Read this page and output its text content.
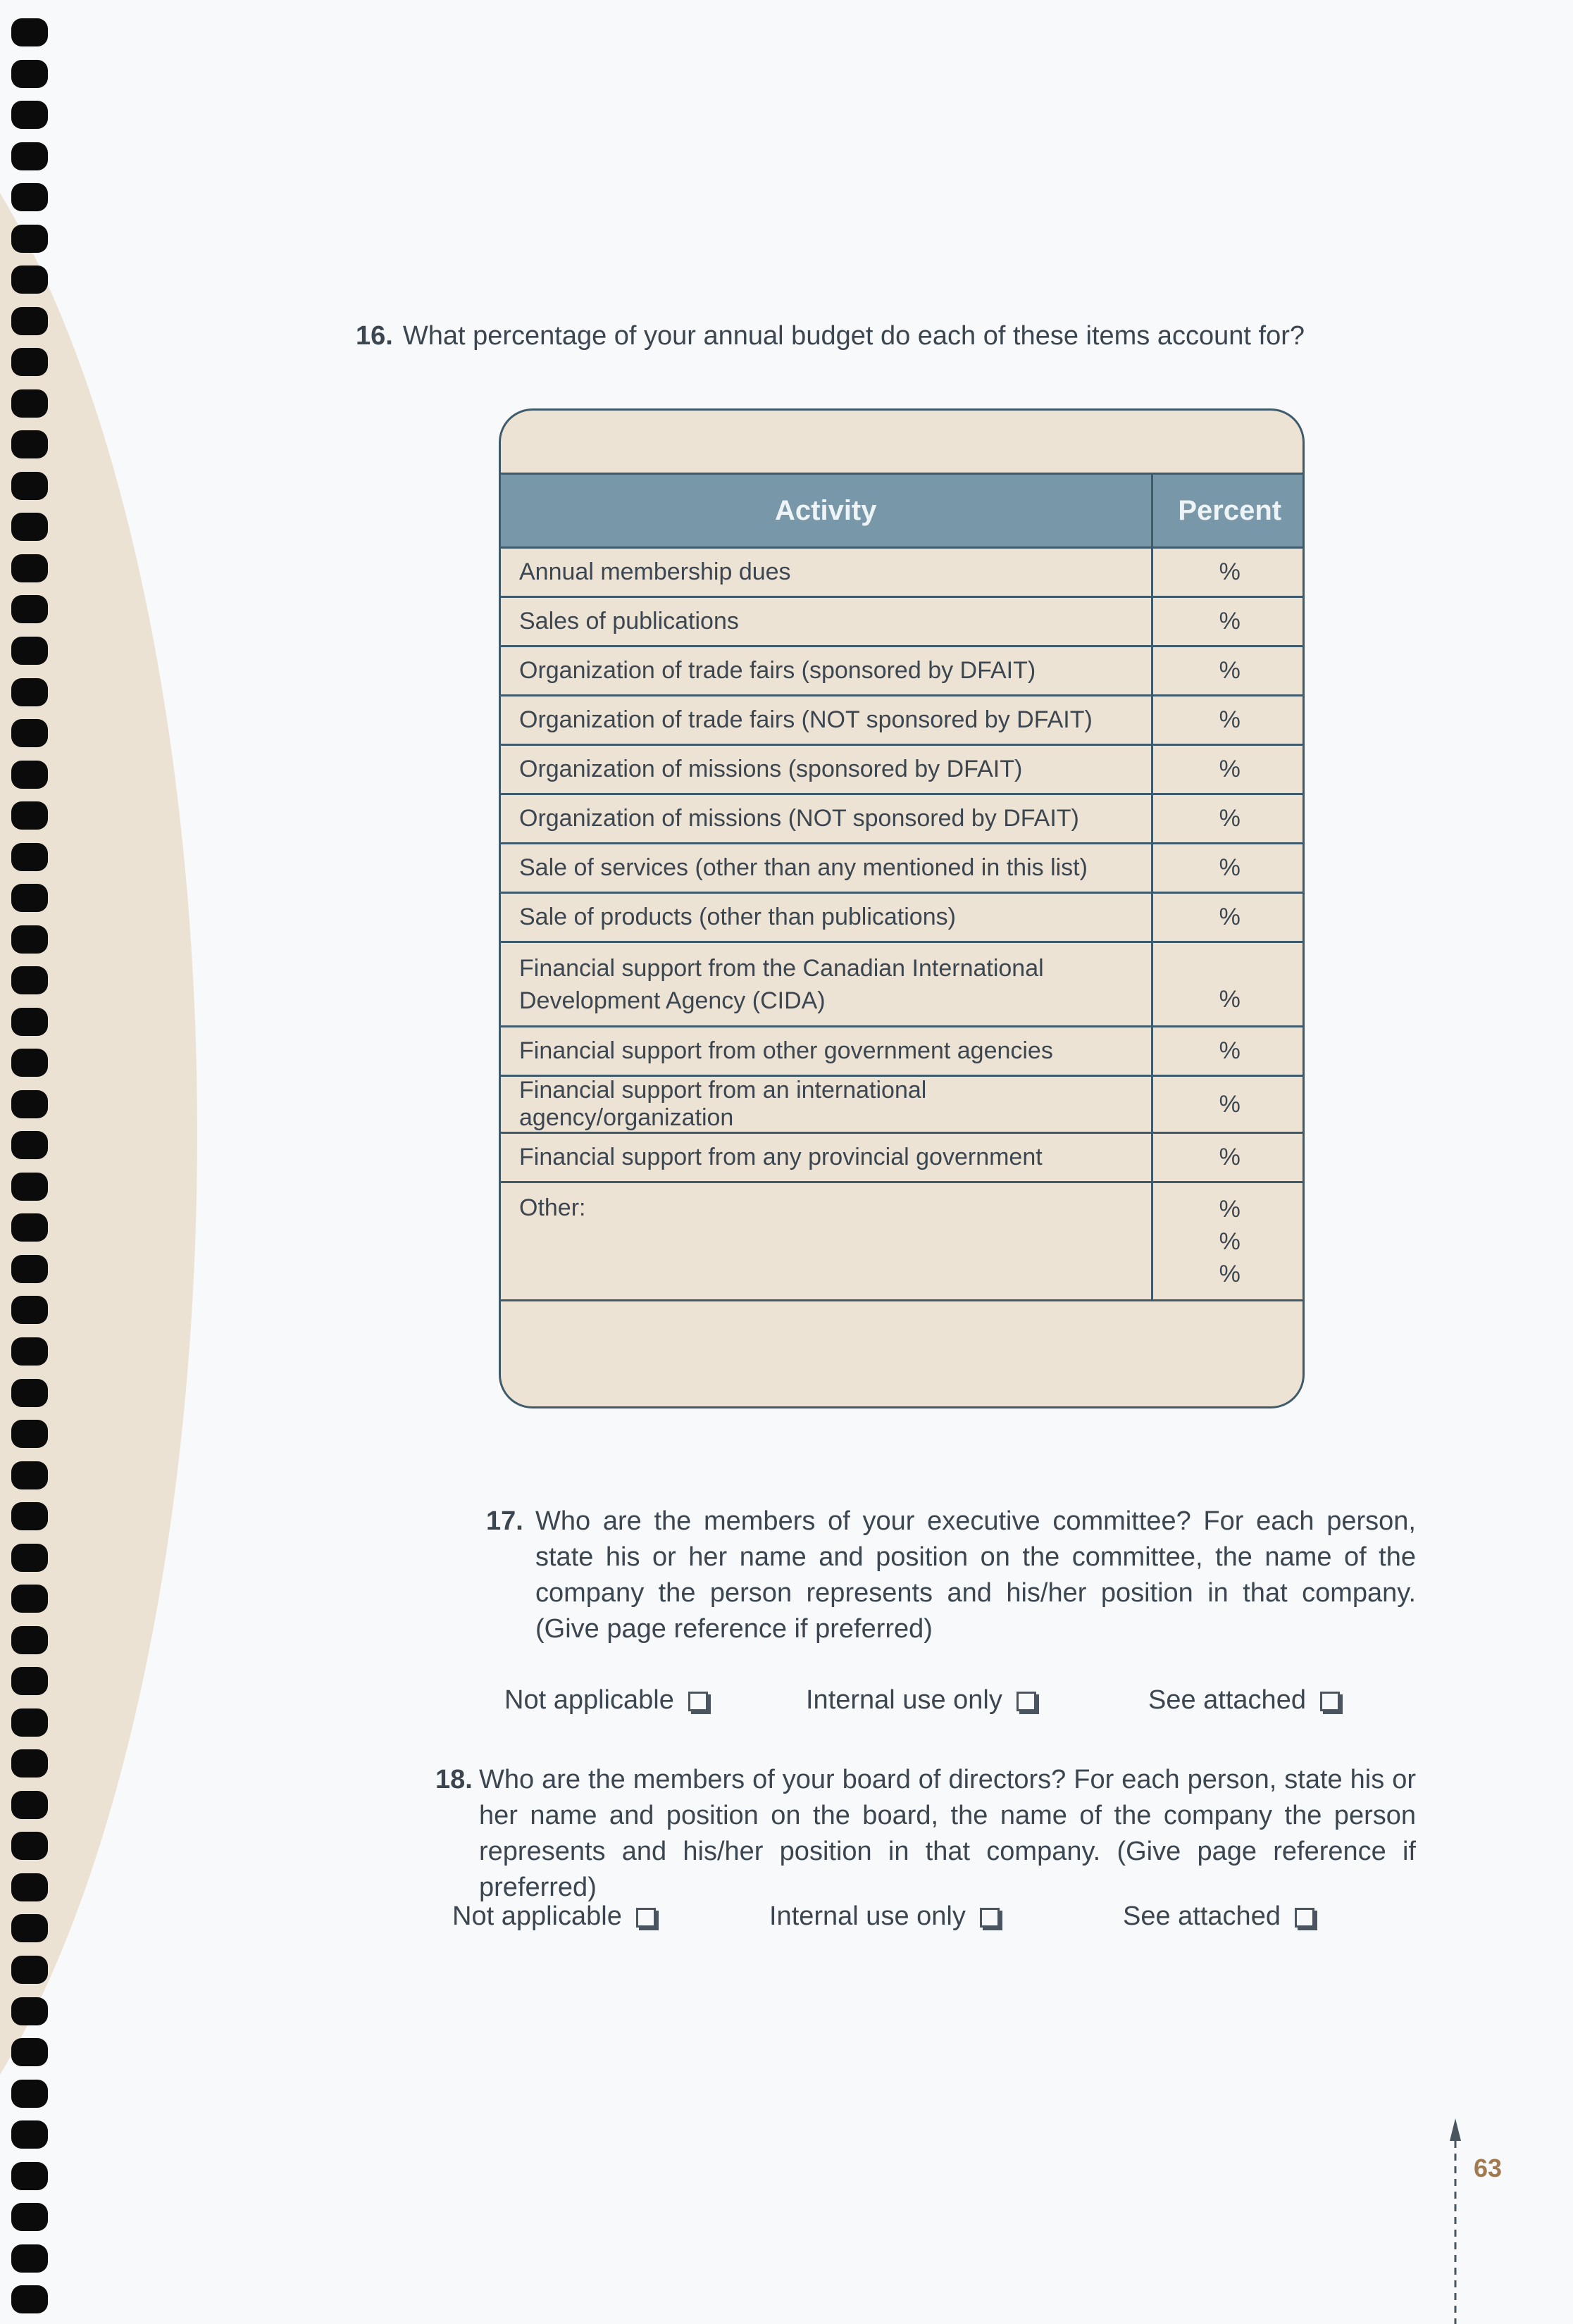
16. What percentage of your annual budget do each of these items account for?
Activity	Percent
Annual membership dues	%
Sales of publications	%
Organization of trade fairs (sponsored by DFAIT)	%
Organization of trade fairs (NOT sponsored by DFAIT)	%
Organization of missions (sponsored by DFAIT)	%
Organization of missions (NOT sponsored by DFAIT)	%
Sale of services (other than any mentioned in this list)	%
Sale of products (other than publications)	%

Financial support from the Canadian International
Development Agency (CIDA)	%
Financial support from other government agencies	%
Financial support from an international agency/organization	%
Financial support from any provincial government	%
Other:	%
%
%
17. Who are the members of your executive committee? For each person, state his or her name and position on the committee, the name of the company the person represents and his/her position in that company. (Give page reference if preferred)
Not applicable	Internal use only	See attached
18. Who are the members of your board of directors? For each person, state his or her name and position on the board, the name of the company the person represents and his/her position in that company. (Give page reference if preferred)
Not applicable	Internal use only	See attached
63
